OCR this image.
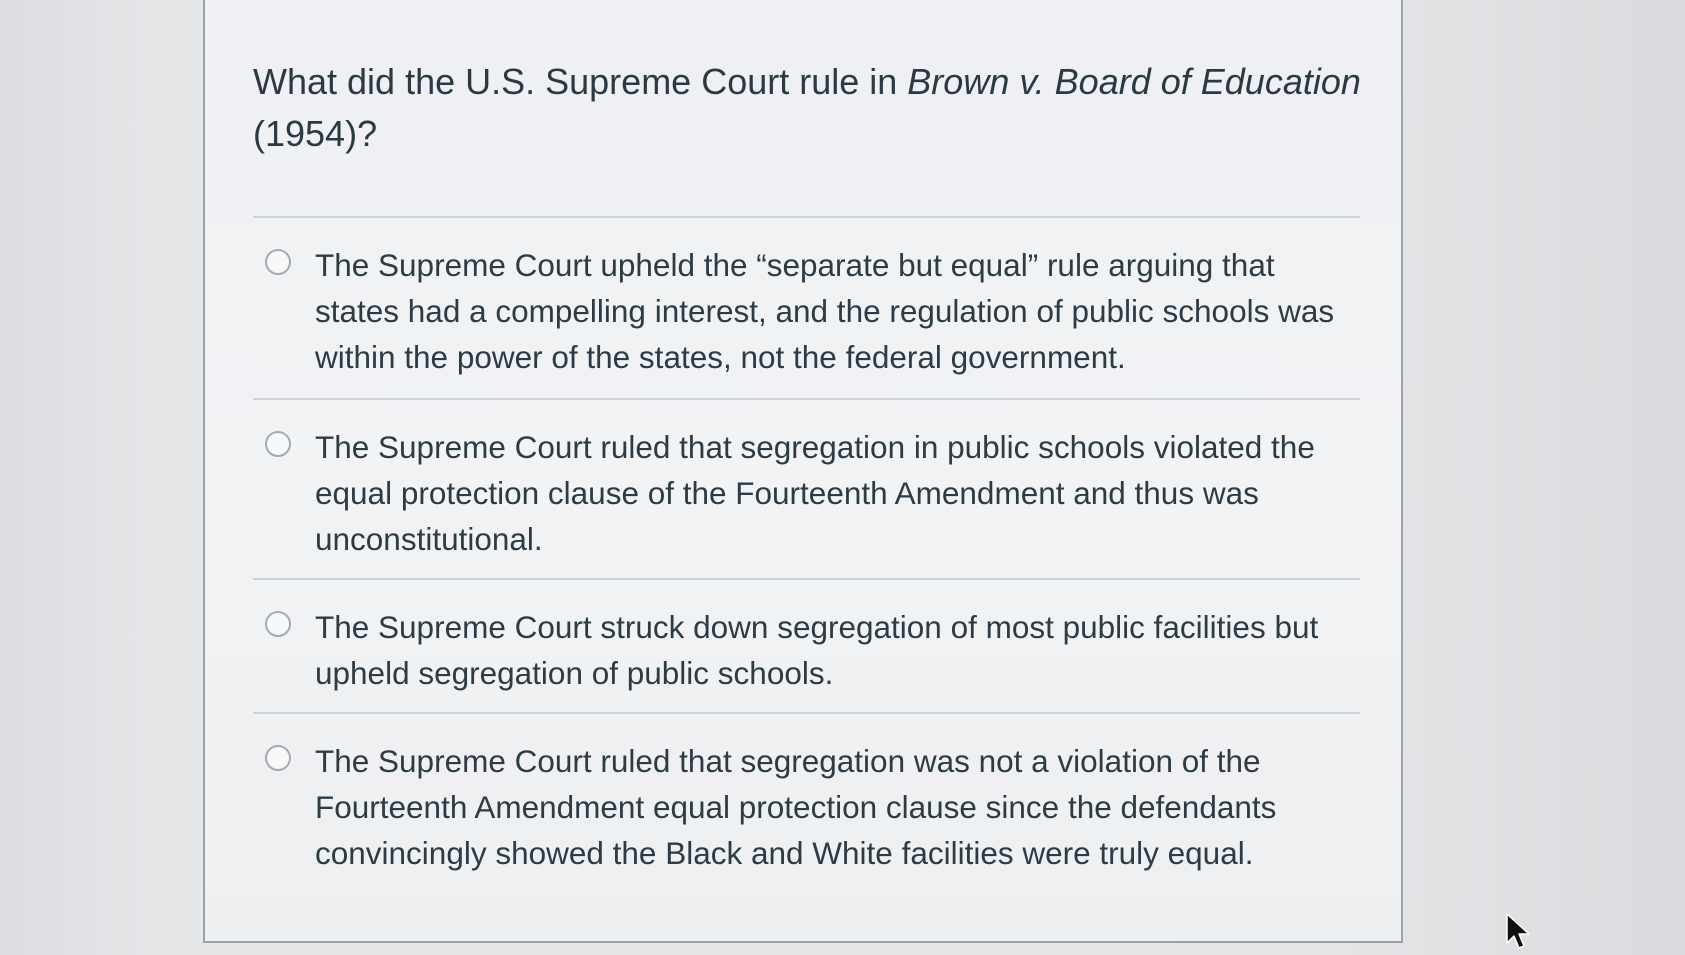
What did the U.S. Supreme Court rule in Brown v. Board of Education (1954)?
The Supreme Court upheld the “separate but equal” rule arguing that states had a compelling interest, and the regulation of public schools was within the power of the states, not the federal government.
The Supreme Court ruled that segregation in public schools violated the equal protection clause of the Fourteenth Amendment and thus was unconstitutional.
The Supreme Court struck down segregation of most public facilities but upheld segregation of public schools.
The Supreme Court ruled that segregation was not a violation of the Fourteenth Amendment equal protection clause since the defendants convincingly showed the Black and White facilities were truly equal.
